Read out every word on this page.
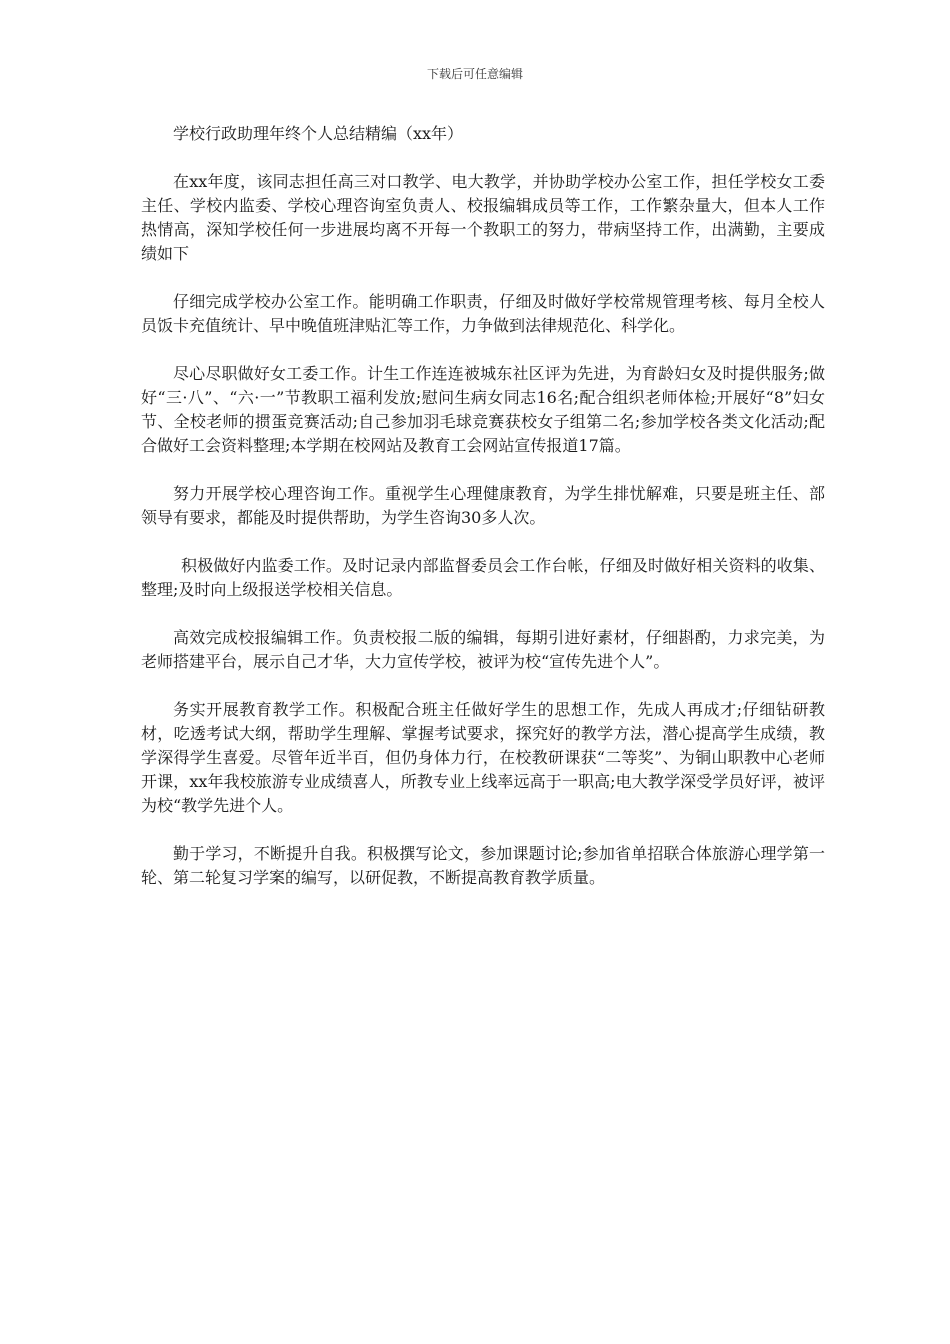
下载后可任意编辑

学校行政助理年终个人总结精编（xx年）

在xx年度，该同志担任高三对口教学、电大教学，并协助学校办公室工作，担任学校女工委主任、学校内监委、学校心理咨询室负责人、校报编辑成员等工作，工作繁杂量大，但本人工作热情高，深知学校任何一步进展均离不开每一个教职工的努力，带病坚持工作，出满勤，主要成绩如下

仔细完成学校办公室工作。能明确工作职责，仔细及时做好学校常规管理考核、每月全校人员饭卡充值统计、早中晚值班津贴汇等工作，力争做到法律规范化、科学化。

尽心尽职做好女工委工作。计生工作连连被城东社区评为先进，为育龄妇女及时提供服务;做好“三·八”、“六·一”节教职工福利发放;慰问生病女同志16名;配合组织老师体检;开展好“8”妇女节、全校老师的掼蛋竞赛活动;自己参加羽毛球竞赛获校女子组第二名;参加学校各类文化活动;配合做好工会资料整理;本学期在校网站及教育工会网站宣传报道17篇。

努力开展学校心理咨询工作。重视学生心理健康教育，为学生排忧解难，只要是班主任、部领导有要求，都能及时提供帮助，为学生咨询30多人次。

积极做好内监委工作。及时记录内部监督委员会工作台帐，仔细及时做好相关资料的收集、整理;及时向上级报送学校相关信息。

高效完成校报编辑工作。负责校报二版的编辑，每期引进好素材，仔细斟酌，力求完美，为老师搭建平台，展示自己才华，大力宣传学校，被评为校“宣传先进个人”。

务实开展教育教学工作。积极配合班主任做好学生的思想工作，先成人再成才;仔细钻研教材，吃透考试大纲，帮助学生理解、掌握考试要求，探究好的教学方法，潜心提高学生成绩，教学深得学生喜爱。尽管年近半百，但仍身体力行，在校教研课获“二等奖”、为铜山职教中心老师开课，xx年我校旅游专业成绩喜人，所教专业上线率远高于一职高;电大教学深受学员好评，被评为校“教学先进个人。

勤于学习，不断提升自我。积极撰写论文，参加课题讨论;参加省单招联合体旅游心理学第一轮、第二轮复习学案的编写，以研促教，不断提高教育教学质量。
